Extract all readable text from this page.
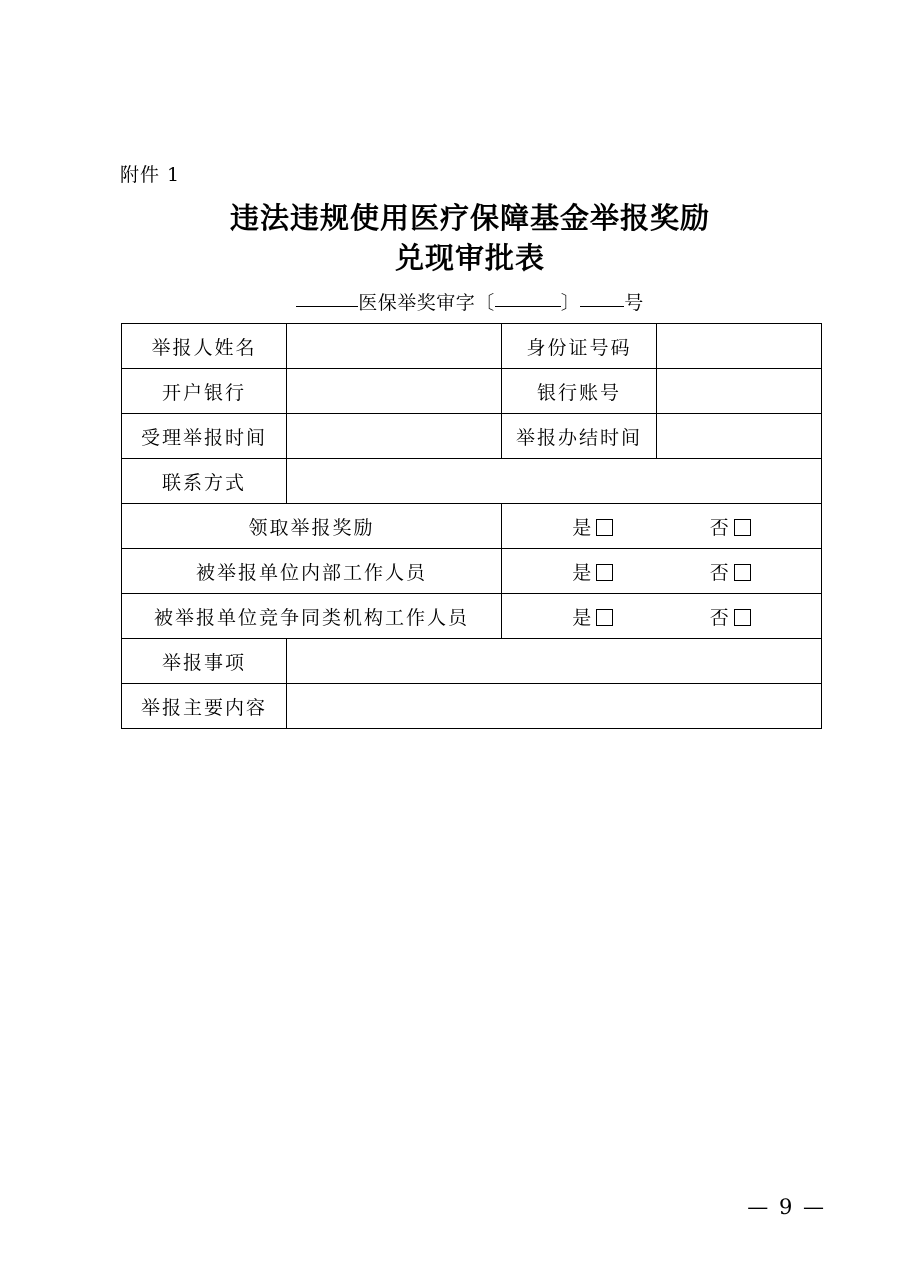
附件 1
违法违规使用医疗保障基金举报奖励
兑现审批表
医保举奖审字〔	〕 号
举报人姓名		身份证号码	
开户银行		银行账号	
受理举报时间		举报办结时间	
联系方式			
领取举报奖励		是 否	

被举报单位内部工作人员		是 否	

被举报单位竞争同类机构工作人员		是 否	

举报事项			
举报主要内容			
— 9 —
